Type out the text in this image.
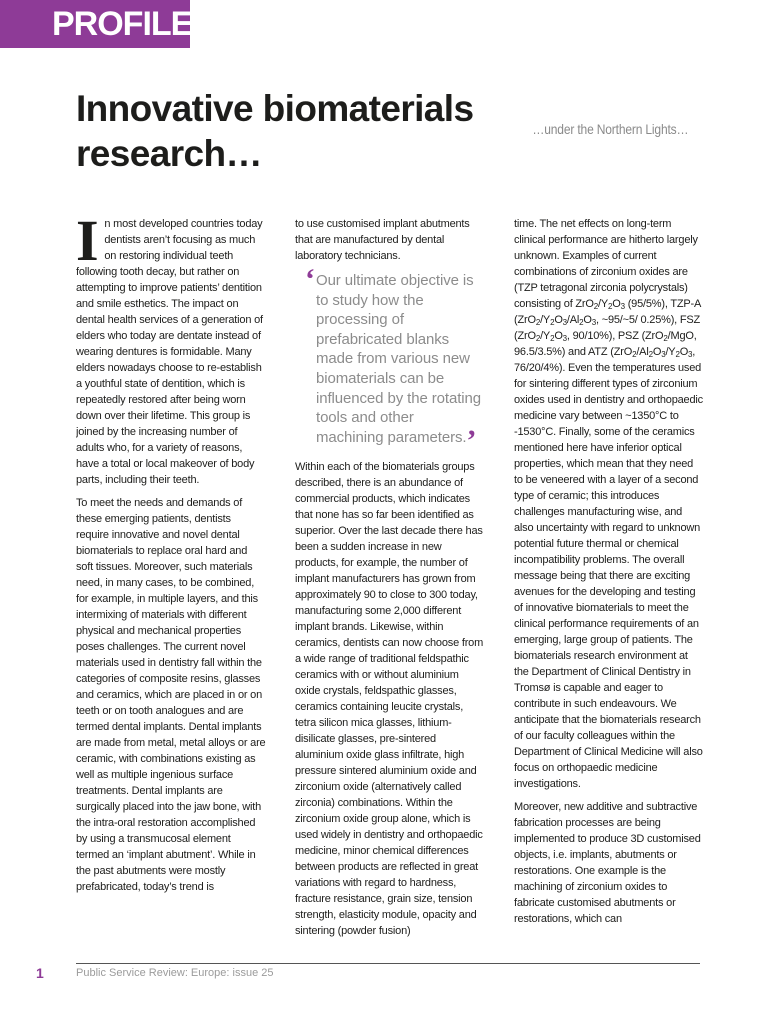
PROFILE
Innovative biomaterials research…
…under the Northern Lights…

In most developed countries today dentists aren’t focusing as much on restoring individual teeth following tooth decay, but rather on attempting to improve patients’ dentition and smile esthetics. The impact on dental health services of a generation of elders who today are dentate instead of wearing dentures is formidable. Many elders nowadays choose to re-establish a youthful state of dentition, which is repeatedly restored after being worn down over their lifetime. This group is joined by the increasing number of adults who, for a variety of reasons, have a total or local makeover of body parts, including their teeth.

To meet the needs and demands of these emerging patients, dentists require innovative and novel dental biomaterials to replace oral hard and soft tissues. Moreover, such materials need, in many cases, to be combined, for example, in multiple layers, and this intermixing of materials with different physical and mechanical properties poses challenges. The current novel materials used in dentistry fall within the categories of composite resins, glasses and ceramics, which are placed in or on teeth or on tooth analogues and are termed dental implants. Dental implants are made from metal, metal alloys or are ceramic, with combinations existing as well as multiple ingenious surface treatments. Dental implants are surgically placed into the jaw bone, with the intra-oral restoration accomplished by using a transmucosal element termed an ‘implant abutment’. While in the past abutments were mostly prefabricated, today’s trend is

to use customised implant abutments that are manufactured by dental laboratory technicians.

‘ Our ultimate objective is to study how the processing of prefabricated blanks made from various new biomaterials can be influenced by the rotating tools and other machining parameters.’

Within each of the biomaterials groups described, there is an abundance of commercial products, which indicates that none has so far been identified as superior. Over the last decade there has been a sudden increase in new products, for example, the number of implant manufacturers has grown from approximately 90 to close to 300 today, manufacturing some 2,000 different implant brands. Likewise, within ceramics, dentists can now choose from a wide range of traditional feldspathic ceramics with or without aluminium oxide crystals, feldspathic glasses, ceramics containing leucite crystals, tetra silicon mica glasses, lithium-disilicate glasses, pre-sintered aluminium oxide glass infiltrate, high pressure sintered aluminium oxide and zirconium oxide (alternatively called zirconia) combinations. Within the zirconium oxide group alone, which is used widely in dentistry and orthopaedic medicine, minor chemical differences between products are reflected in great variations with regard to hardness, fracture resistance, grain size, tension strength, elasticity module, opacity and sintering (powder fusion)

time. The net effects on long-term clinical performance are hitherto largely unknown. Examples of current combinations of zirconium oxides are (TZP tetragonal zirconia polycrystals) consisting of $ZrO_2/Y_2O_3$ (95/5%), TZP-A ($ZrO_2/Y_2O_3/Al_2O_3$, ~95/~5/ 0.25%), FSZ ($ZrO_2/Y_2O_3$, 90/10%), PSZ (ZrO$_2$/MgO, 96.5/3.5%) and ATZ ($ZrO_2/Al_2O_3/Y_2O_3$, 76/20/4%). Even the temperatures used for sintering different types of zirconium oxides used in dentistry and orthopaedic medicine vary between ~1350°C to -1530°C. Finally, some of the ceramics mentioned here have inferior optical properties, which mean that they need to be veneered with a layer of a second type of ceramic; this introduces challenges manufacturing wise, and also uncertainty with regard to unknown potential future thermal or chemical incompatibility problems. The overall message being that there are exciting avenues for the developing and testing of innovative biomaterials to meet the clinical performance requirements of an emerging, large group of patients. The biomaterials research environment at the Department of Clinical Dentistry in Tromsø is capable and eager to contribute in such endeavours. We anticipate that the biomaterials research of our faculty colleagues within the Department of Clinical Medicine will also focus on orthopaedic medicine investigations.

Moreover, new additive and subtractive fabrication processes are being implemented to produce 3D customised objects, i.e. implants, abutments or restorations. One example is the machining of zirconium oxides to fabricate customised abutments or restorations, which can

1	Public Service Review: Europe: issue 25
